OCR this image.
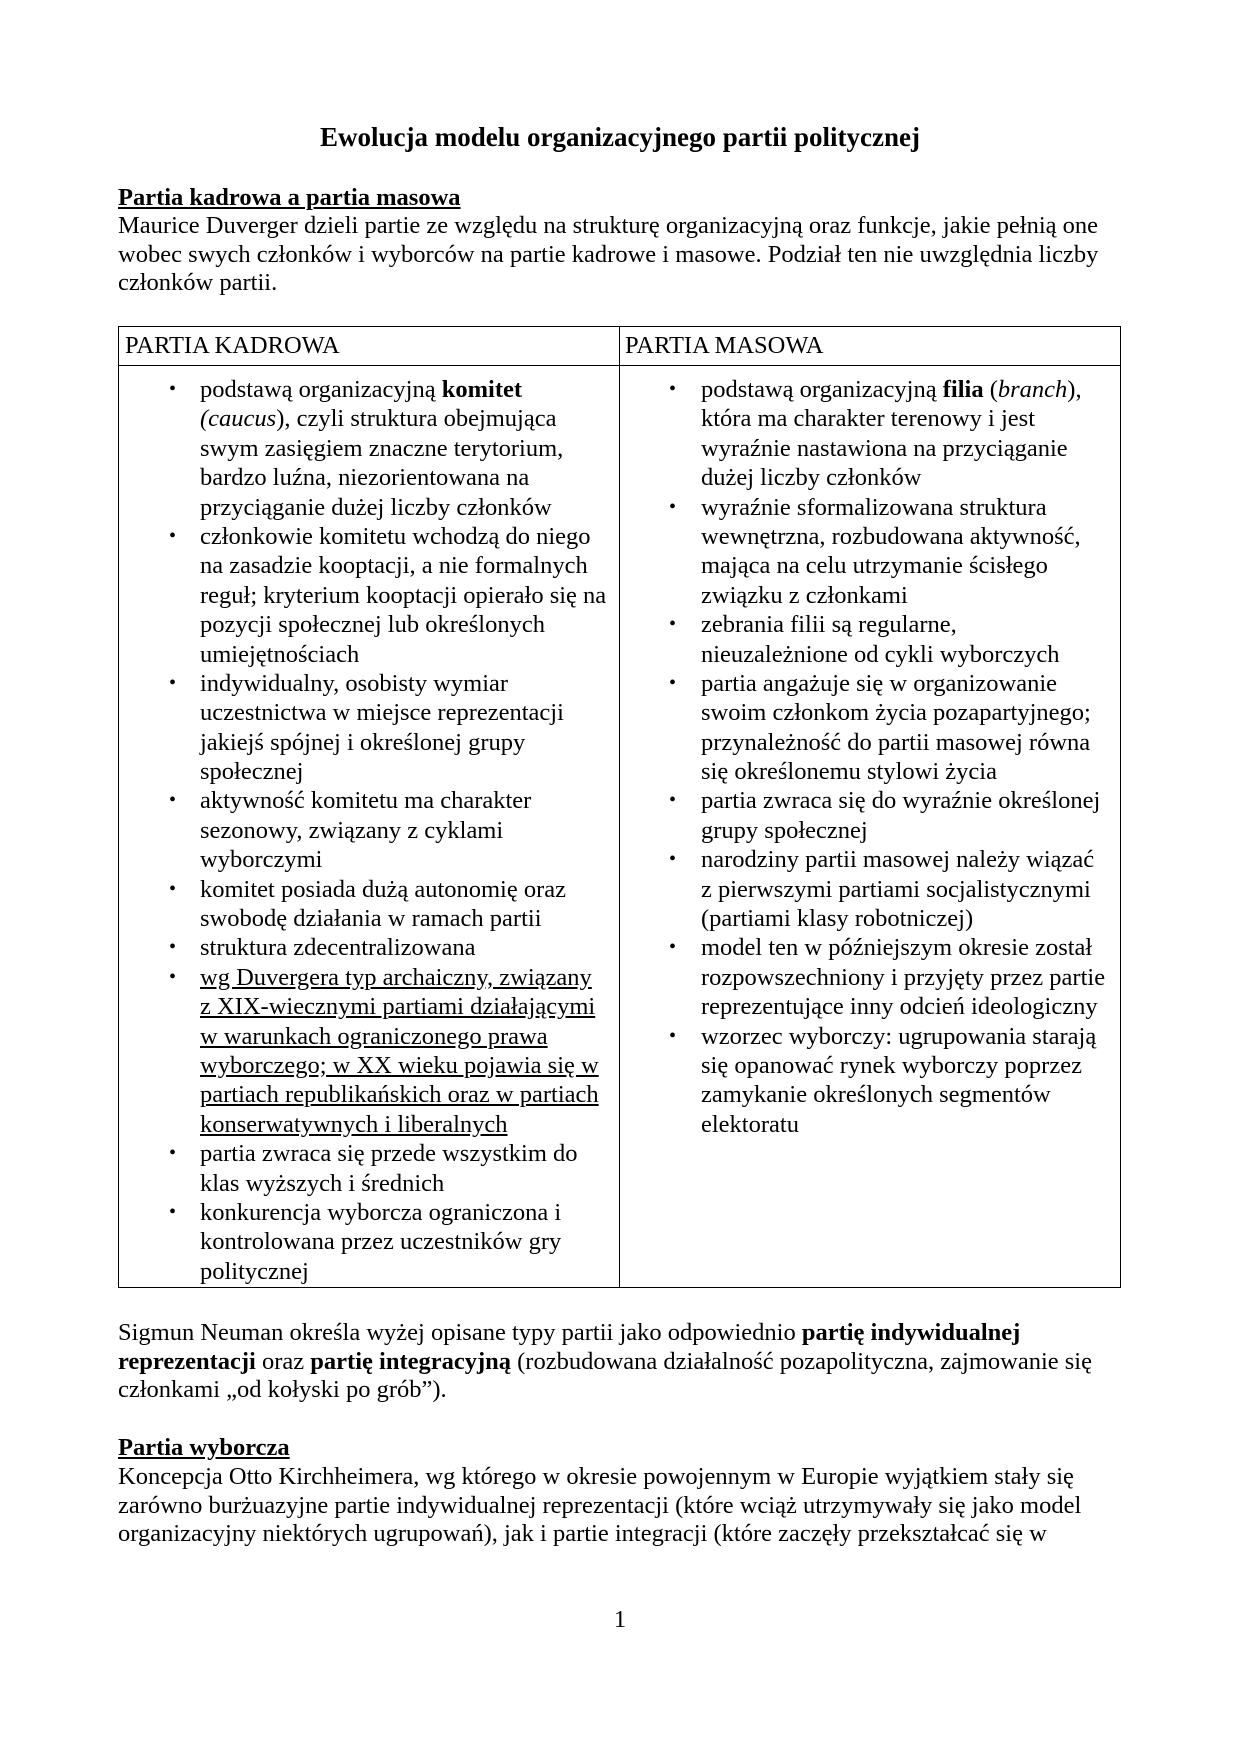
Ewolucja modelu organizacyjnego partii politycznej
Partia kadrowa a partia masowa
Maurice Duverger dzieli partie ze względu na strukturę organizacyjną oraz funkcje, jakie pełnią one
wobec swych członków i wyborców na partie kadrowe i masowe. Podział ten nie uwzględnia liczby
członków partii.
PARTIA KADROWA	PARTIA MASOWA
• podstawą organizacyjną komitet
(caucus), czyli struktura obejmująca
swym zasięgiem znaczne terytorium,
bardzo luźna, niezorientowana na
przyciąganie dużej liczby członków
• członkowie komitetu wchodzą do niego
na zasadzie kooptacji, a nie formalnych
reguł; kryterium kooptacji opierało się na
pozycji społecznej lub określonych
umiejętnościach
• indywidualny, osobisty wymiar
uczestnictwa w miejsce reprezentacji
jakiejś spójnej i określonej grupy
społecznej
• aktywność komitetu ma charakter
sezonowy, związany z cyklami
wyborczymi
• komitet posiada dużą autonomię oraz
swobodę działania w ramach partii
• struktura zdecentralizowana
• wg Duvergera typ archaiczny, związany
z XIX-wiecznymi partiami działającymi
w warunkach ograniczonego prawa
wyborczego; w XX wieku pojawia się w
partiach republikańskich oraz w partiach
konserwatywnych i liberalnych
• partia zwraca się przede wszystkim do
klas wyższych i średnich
• konkurencja wyborcza ograniczona i
kontrolowana przez uczestników gry
politycznej
• podstawą organizacyjną filia (branch),
która ma charakter terenowy i jest
wyraźnie nastawiona na przyciąganie
dużej liczby członków
• wyraźnie sformalizowana struktura
wewnętrzna, rozbudowana aktywność,
mająca na celu utrzymanie ścisłego
związku z członkami
• zebrania filii są regularne,
nieuzależnione od cykli wyborczych
• partia angażuje się w organizowanie
swoim członkom życia pozapartyjnego;
przynależność do partii masowej równa
się określonemu stylowi życia
• partia zwraca się do wyraźnie określonej
grupy społecznej
• narodziny partii masowej należy wiązać
z pierwszymi partiami socjalistycznymi
(partiami klasy robotniczej)
• model ten w późniejszym okresie został
rozpowszechniony i przyjęty przez partie
reprezentujące inny odcień ideologiczny
• wzorzec wyborczy: ugrupowania starają
się opanować rynek wyborczy poprzez
zamykanie określonych segmentów
elektoratu
Sigmun Neuman określa wyżej opisane typy partii jako odpowiednio partię indywidualnej
reprezentacji oraz partię integracyjną (rozbudowana działalność pozapolityczna, zajmowanie się
członkami „od kołyski po grób”).
Partia wyborcza
Koncepcja Otto Kirchheimera, wg którego w okresie powojennym w Europie wyjątkiem stały się
zarówno burżuazyjne partie indywidualnej reprezentacji (które wciąż utrzymywały się jako model
organizacyjny niektórych ugrupowań), jak i partie integracji (które zaczęły przekształcać się w
1
